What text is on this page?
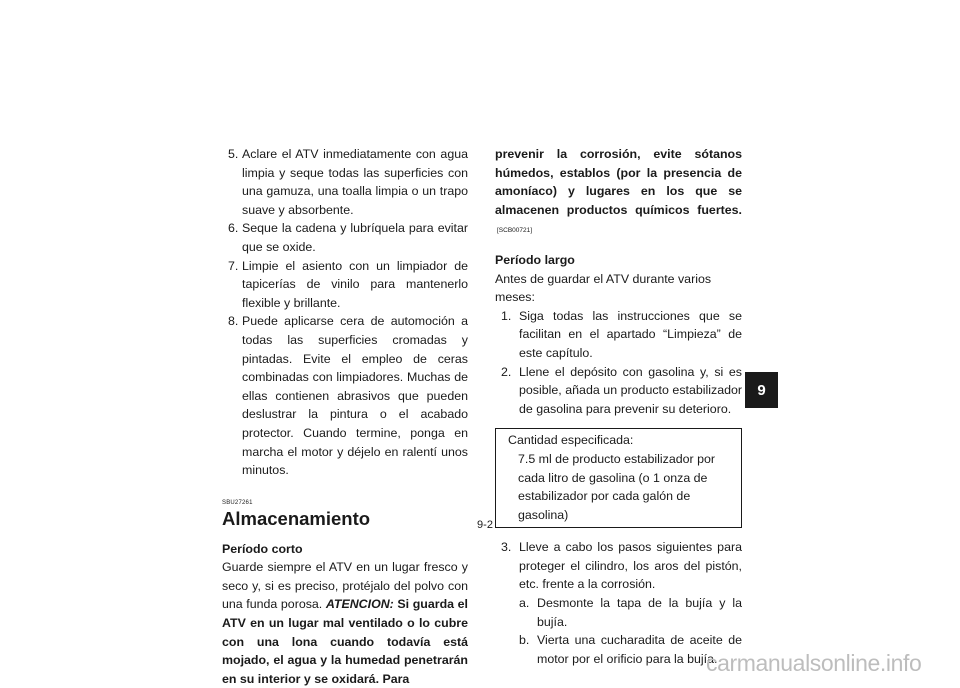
5. Aclare el ATV inmediatamente con agua limpia y seque todas las superficies con una gamuza, una toalla limpia o un trapo suave y absorbente.
6. Seque la cadena y lubríquela para evitar que se oxide.
7. Limpie el asiento con un limpiador de tapicerías de vinilo para mantenerlo flexible y brillante.
8. Puede aplicarse cera de automoción a todas las superficies cromadas y pintadas. Evite el empleo de ceras combinadas con limpiadores. Muchas de ellas contienen abrasivos que pueden deslustrar la pintura o el acabado protector. Cuando termine, ponga en marcha el motor y déjelo en ralentí unos minutos.
SBU27261
Almacenamiento
Período corto
Guarde siempre el ATV en un lugar fresco y seco y, si es preciso, protéjalo del polvo con una funda porosa. ATENCION: Si guarda el ATV en un lugar mal ventilado o lo cubre con una lona cuando todavía está mojado, el agua y la humedad penetrarán en su interior y se oxidará. Para
prevenir la corrosión, evite sótanos húmedos, establos (por la presencia de amoníaco) y lugares en los que se almacenen productos químicos fuertes.[SCB00721]
Período largo
Antes de guardar el ATV durante varios meses:
1. Siga todas las instrucciones que se facilitan en el apartado “Limpieza” de este capítulo.
2. Llene el depósito con gasolina y, si es posible, añada un producto estabilizador de gasolina para prevenir su deterioro.
Cantidad especificada:
7.5 ml de producto estabilizador por cada litro de gasolina (o 1 onza de estabilizador por cada galón de gasolina)
3. Lleve a cabo los pasos siguientes para proteger el cilindro, los aros del pistón, etc. frente a la corrosión.
a. Desmonte la tapa de la bujía y la bujía.
b. Vierta una cucharadita de aceite de motor por el orificio para la bujía.
9
9-2
carmanualsonline.info
